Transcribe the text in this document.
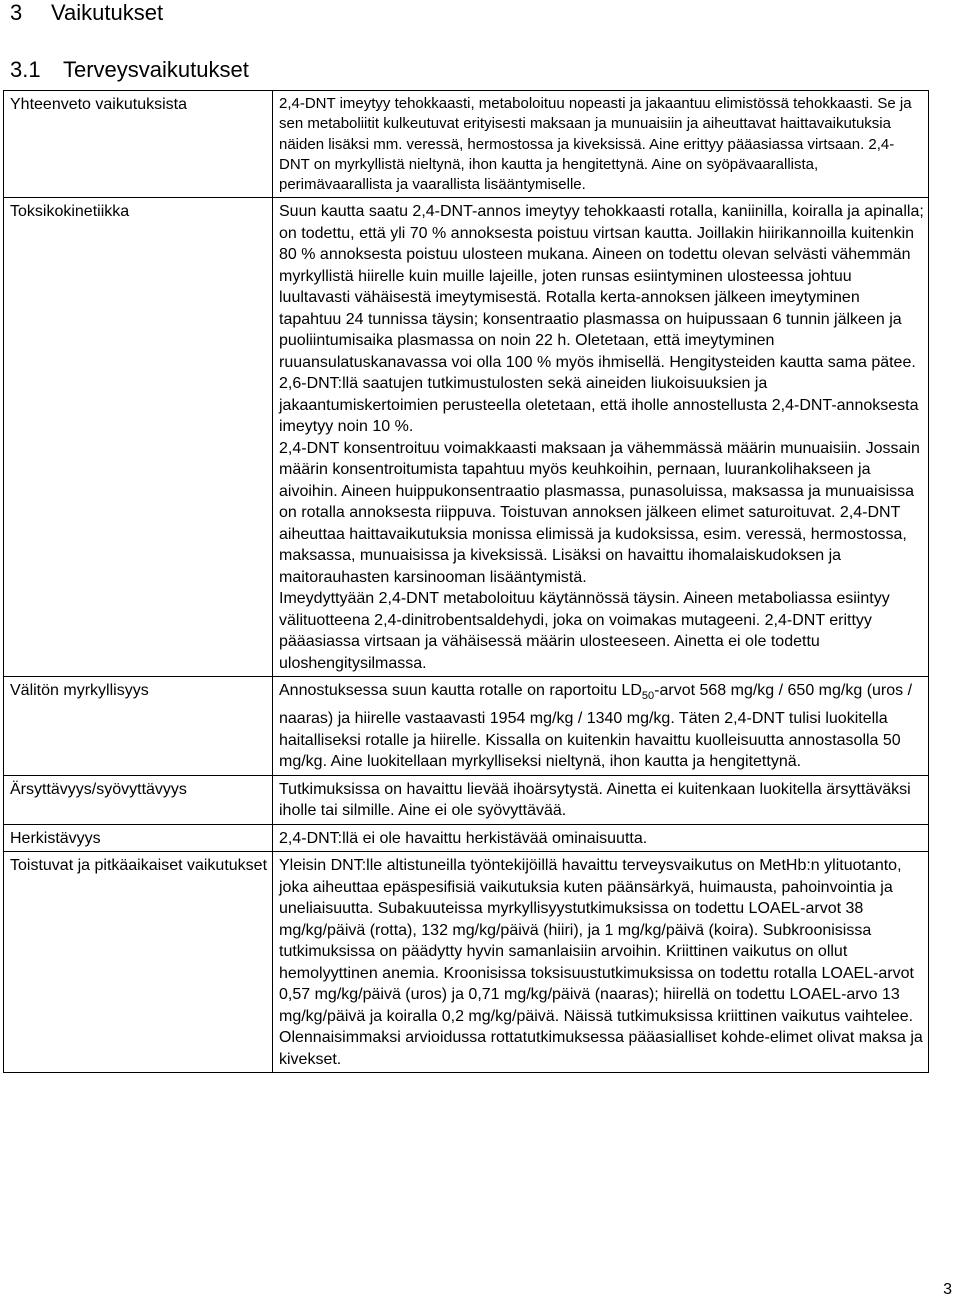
3 Vaikutukset
3.1 Terveysvaikutukset
Yhteenveto vaikutuksista	2,4-DNT imeytyy tehokkaasti, metaboloituu nopeasti ja jakaantuu elimistössä tehokkaasti. Se ja sen metaboliitit kulkeutuvat erityisesti maksaan ja munuaisiin ja aiheuttavat haittavaikutuksia näiden lisäksi mm. veressä, hermostossa ja kiveksissä. Aine erittyy pääasiassa virtsaan. 2,4-DNT on myrkyllistä nieltynä, ihon kautta ja hengitettynä. Aine on syöpävaarallista, perimävaarallista ja vaarallista lisääntymiselle.

Toksikokinetiikka	Suun kautta saatu 2,4-DNT-annos imeytyy tehokkaasti rotalla, kaniinilla, koiralla ja apinalla; on todettu, että yli 70 % annoksesta poistuu virtsan kautta. Joillakin hiirikannoilla kuitenkin 80 % annoksesta poistuu ulosteen mukana. Aineen on todettu olevan selvästi vähemmän myrkyllistä hiirelle kuin muille lajeille, joten runsas esiintyminen ulosteessa johtuu luultavasti vähäisestä imeytymisestä. Rotalla kerta-annoksen jälkeen imeytyminen tapahtuu 24 tunnissa täysin; konsentraatio plasmassa on huipussaan 6 tunnin jälkeen ja puoliintumisaika plasmassa on noin 22 h. Oletetaan, että imeytyminen ruuansulatuskanavassa voi olla 100 % myös ihmisellä. Hengitysteiden kautta sama pätee. 2,6-DNT:llä saatujen tutkimustulosten sekä aineiden liukoisuuksien ja jakaantumiskertoimien perusteella oletetaan, että iholle annostellusta 2,4-DNT-annoksesta imeytyy noin 10 %.

2,4-DNT konsentroituu voimakkaasti maksaan ja vähemmässä määrin munuaisiin. Jossain määrin konsentroitumista tapahtuu myös keuhkoihin, pernaan, luurankolihakseen ja aivoihin. Aineen huippukonsentraatio plasmassa, punasoluissa, maksassa ja munuaisissa on rotalla annoksesta riippuva. Toistuvan annoksen jälkeen elimet saturoituvat. 2,4-DNT aiheuttaa haittavaikutuksia monissa elimissä ja kudoksissa, esim. veressä, hermostossa, maksassa, munuaisissa ja kiveksissä. Lisäksi on havaittu ihomalaiskudoksen ja maitorauhasten karsinooman lisääntymistä.

Imeydyttyään 2,4-DNT metaboloituu käytännössä täysin. Aineen metaboliassa esiintyy välituotteena 2,4-dinitrobentsaldehydi, joka on voimakas mutageeni. 2,4-DNT erittyy pääasiassa virtsaan ja vähäisessä määrin ulosteeseen. Ainetta ei ole todettu uloshengitysilmassa.

Välitön myrkyllisyys	Annostuksessa suun kautta rotalle on raportoitu $LD_{50}$-arvot 568 mg/kg / 650 mg/kg (uros / naaras) ja hiirelle vastaavasti 1954 mg/kg / 1340 mg/kg. Täten 2,4-DNT tulisi luokitella haitalliseksi rotalle ja hiirelle. Kissalla on kuitenkin havaittu kuolleisuutta annostasolla 50 mg/kg. Aine luokitellaan myrkylliseksi nieltynä, ihon kautta ja hengitettynä.

Ärsyttävyys/syövyttävyys	Tutkimuksissa on havaittu lievää ihoärsytystä. Ainetta ei kuitenkaan luokitella ärsyttäväksi iholle tai silmille. Aine ei ole syövyttävää.

Herkistävyys	2,4-DNT:llä ei ole havaittu herkistävää ominaisuutta.

Toistuvat ja pitkäaikaiset vaikutukset	Yleisin DNT:lle altistuneilla työntekijöillä havaittu terveysvaikutus on MetHb:n ylituotanto, joka aiheuttaa epäspesifisiä vaikutuksia kuten päänsärkyä, huimausta, pahoinvointia ja uneliaisuutta. Subakuuteissa myrkyllisyystutkimuksissa on todettu LOAEL-arvot 38 mg/kg/päivä (rotta), 132 mg/kg/päivä (hiiri), ja 1 mg/kg/päivä (koira). Subkroonisissa tutkimuksissa on päädytty hyvin samanlaisiin arvoihin. Kriittinen vaikutus on ollut hemolyyttinen anemia. Kroonisissa toksisuustutkimuksissa on todettu rotalla LOAEL-arvot 0,57 mg/kg/päivä (uros) ja 0,71 mg/kg/päivä (naaras); hiirellä on todettu LOAEL-arvo 13 mg/kg/päivä ja koiralla 0,2 mg/kg/päivä. Näissä tutkimuksissa kriittinen vaikutus vaihtelee. Olennaisimmaksi arvioidussa rottatutkimuksessa pääasialliset kohde-elimet olivat maksa ja kivekset.

3
